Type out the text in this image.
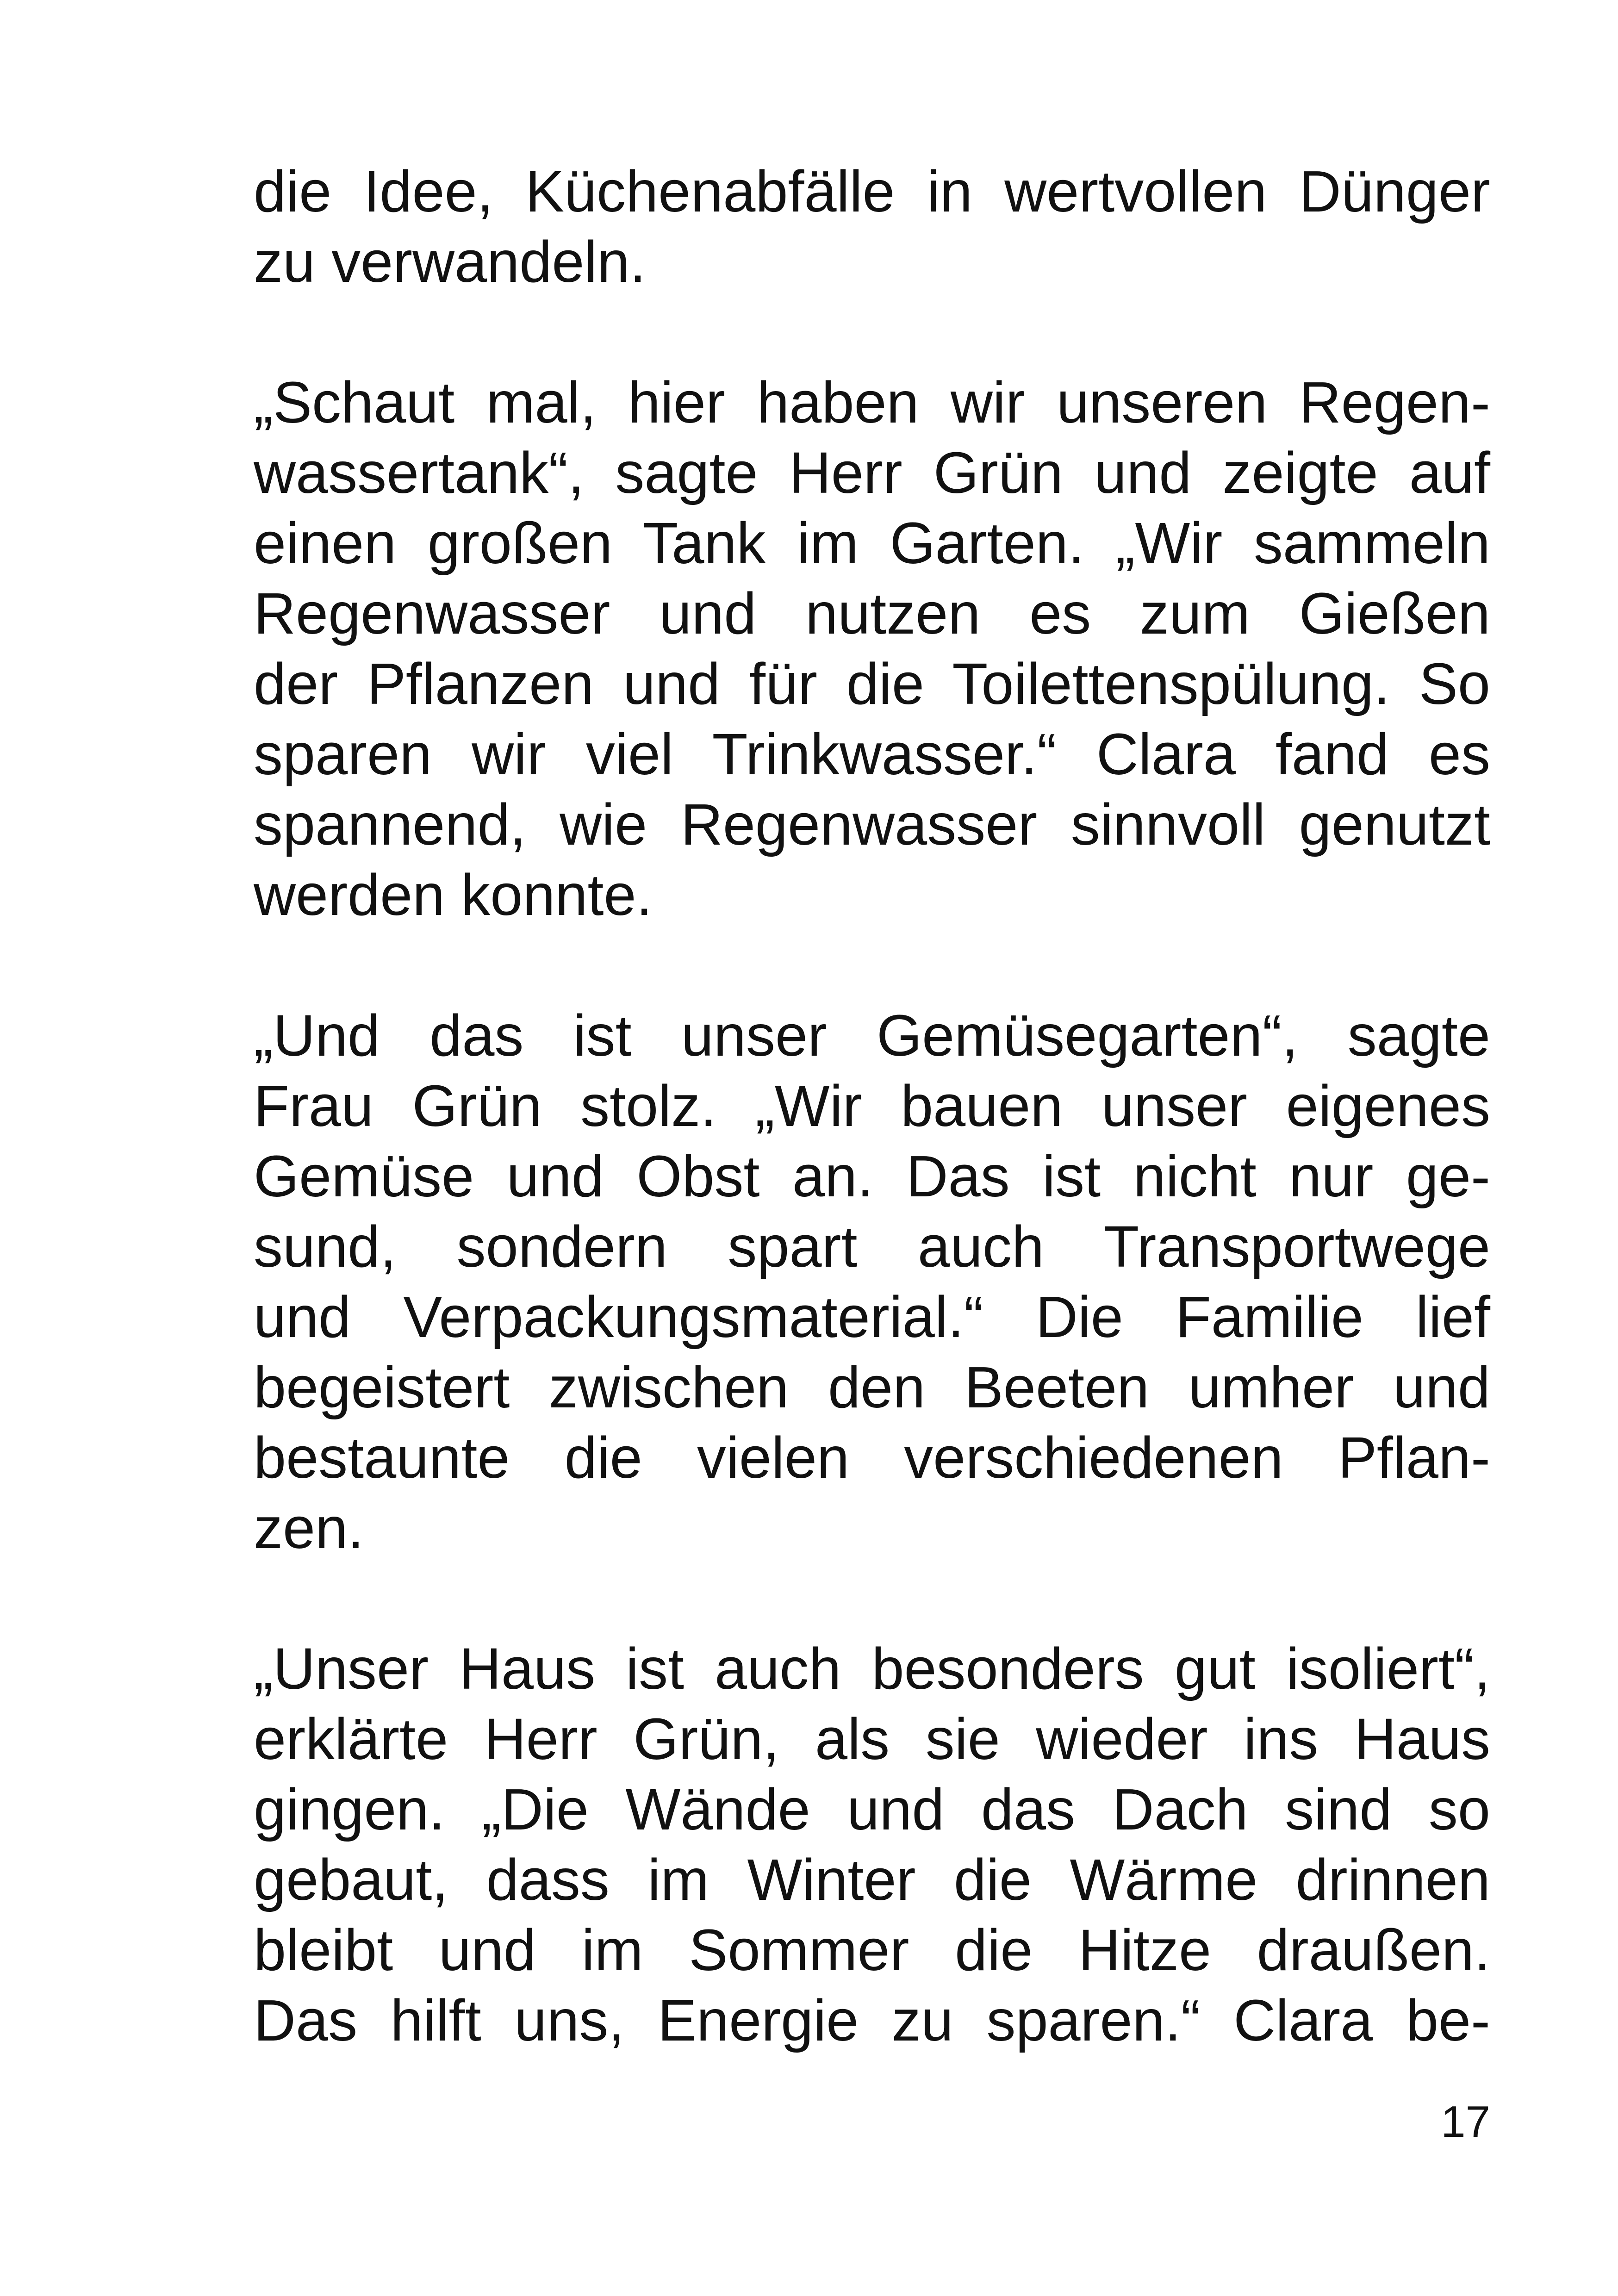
die Idee, Küchenabfälle in wertvollen Dünger
zu verwandeln.
„Schaut mal, hier haben wir unseren Regen-
wassertank“, sagte Herr Grün und zeigte auf
einen großen Tank im Garten. „Wir sammeln
Regenwasser und nutzen es zum Gießen
der Pflanzen und für die Toilettenspülung. So
sparen wir viel Trinkwasser.“ Clara fand es
spannend, wie Regenwasser sinnvoll genutzt
werden konnte.
„Und das ist unser Gemüsegarten“, sagte
Frau Grün stolz. „Wir bauen unser eigenes
Gemüse und Obst an. Das ist nicht nur ge-
sund, sondern spart auch Transportwege
und Verpackungsmaterial.“ Die Familie lief
begeistert zwischen den Beeten umher und
bestaunte die vielen verschiedenen Pflan-
zen.
„Unser Haus ist auch besonders gut isoliert“,
erklärte Herr Grün, als sie wieder ins Haus
gingen. „Die Wände und das Dach sind so
gebaut, dass im Winter die Wärme drinnen
bleibt und im Sommer die Hitze draußen.
Das hilft uns, Energie zu sparen.“ Clara be-
17
